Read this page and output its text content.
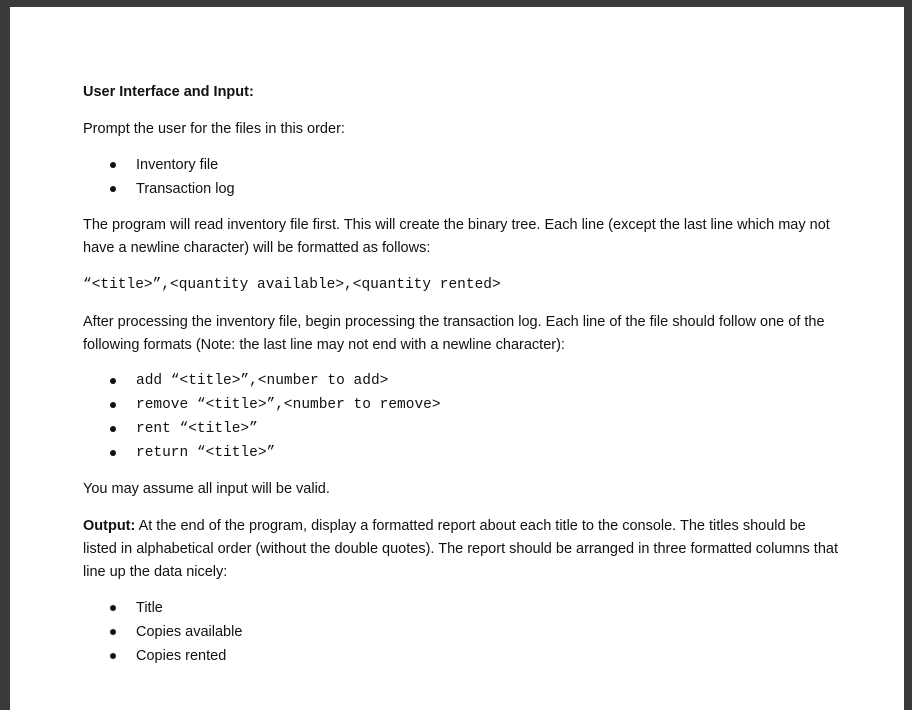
User Interface and Input:

Prompt the user for the files in this order:

Inventory file
Transaction log

The program will read inventory file first. This will create the binary tree. Each line (except the last line which may not have a newline character) will be formatted as follows:

“<title>”,<quantity available>,<quantity rented>

After processing the inventory file, begin processing the transaction log. Each line of the file should follow one of the following formats (Note: the last line may not end with a newline character):

add “<title>”,<number to add>
remove “<title>”,<number to remove>
rent “<title>”
return “<title>”

You may assume all input will be valid.

Output: At the end of the program, display a formatted report about each title to the console. The titles should be listed in alphabetical order (without the double quotes). The report should be arranged in three formatted columns that line up the data nicely:

Title
Copies available
Copies rented
